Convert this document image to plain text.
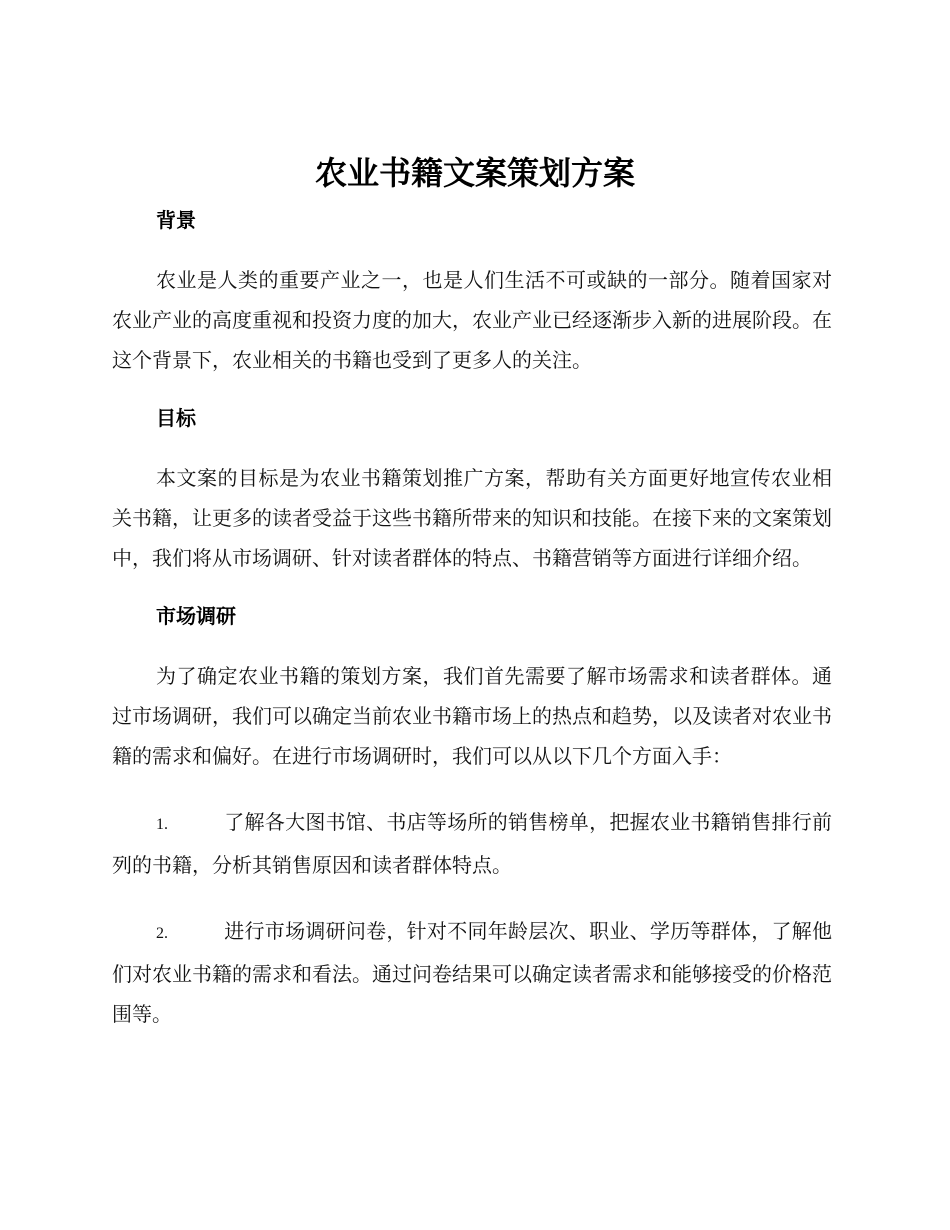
农业书籍文案策划方案
背景

农业是人类的重要产业之一，也是人们生活不可或缺的一部分。随着国家对农业产业的高度重视和投资力度的加大，农业产业已经逐渐步入新的进展阶段。在这个背景下，农业相关的书籍也受到了更多人的关注。

目标

本文案的目标是为农业书籍策划推广方案，帮助有关方面更好地宣传农业相关书籍，让更多的读者受益于这些书籍所带来的知识和技能。在接下来的文案策划中，我们将从市场调研、针对读者群体的特点、书籍营销等方面进行详细介绍。

市场调研

为了确定农业书籍的策划方案，我们首先需要了解市场需求和读者群体。通过市场调研，我们可以确定当前农业书籍市场上的热点和趋势，以及读者对农业书籍的需求和偏好。在进行市场调研时，我们可以从以下几个方面入手：

1.	了解各大图书馆、书店等场所的销售榜单，把握农业书籍销售排行前列的书籍，分析其销售原因和读者群体特点。
2.	进行市场调研问卷，针对不同年龄层次、职业、学历等群体，了解他们对农业书籍的需求和看法。通过问卷结果可以确定读者需求和能够接受的价格范围等。
